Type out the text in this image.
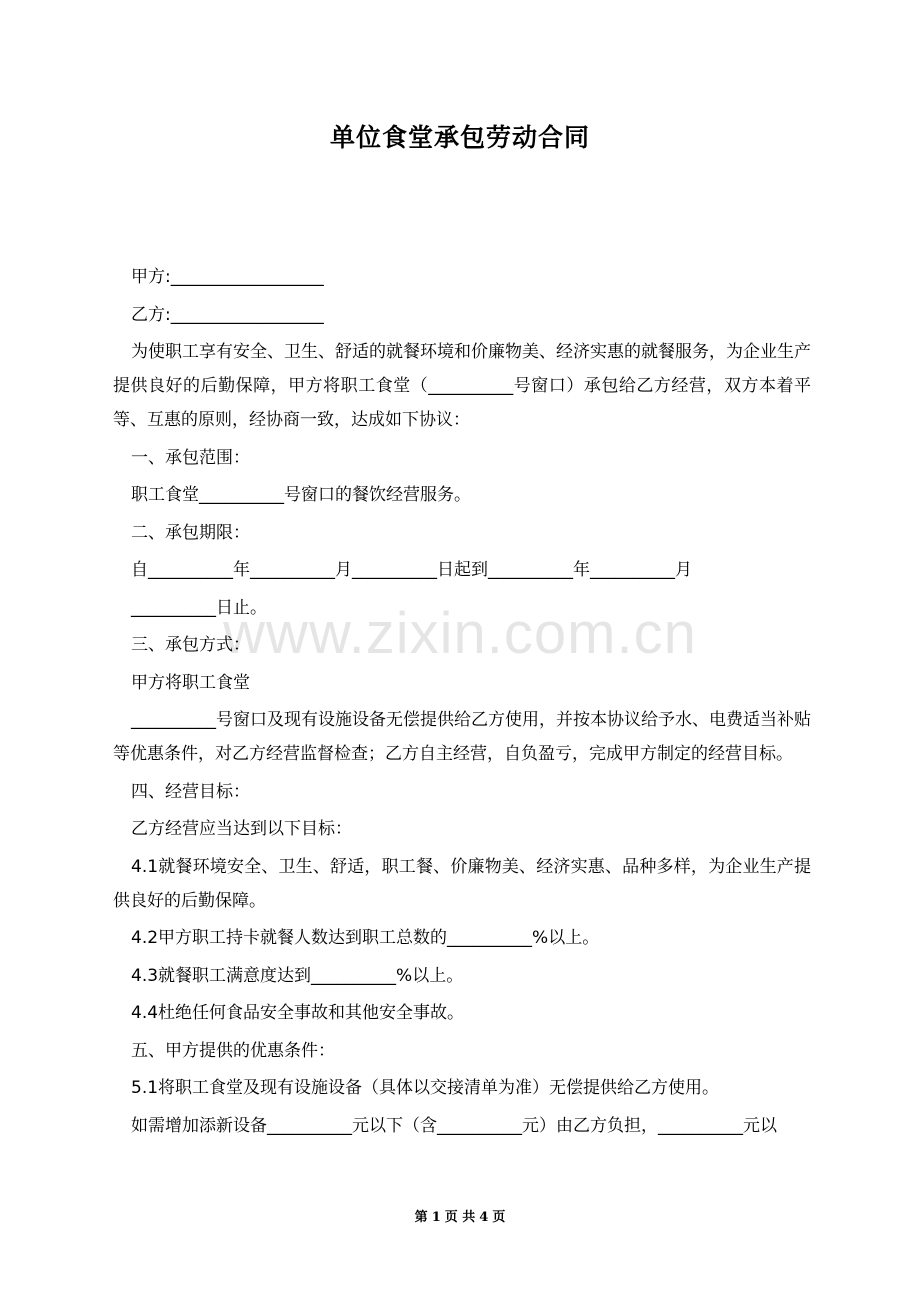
单位食堂承包劳动合同

甲方:__________________

乙方:__________________

为使职工享有安全、卫生、舒适的就餐环境和价廉物美、经济实惠的就餐服务，为企业生产提供良好的后勤保障，甲方将职工食堂（__________号窗口）承包给乙方经营，双方本着平等、互惠的原则，经协商一致，达成如下协议：

一、承包范围：

职工食堂__________号窗口的餐饮经营服务。

二、承包期限：

自__________年__________月__________日起到__________年__________月

__________日止。

三、承包方式：

甲方将职工食堂

__________号窗口及现有设施设备无偿提供给乙方使用，并按本协议给予水、电费适当补贴等优惠条件，对乙方经营监督检查；乙方自主经营，自负盈亏，完成甲方制定的经营目标。

四、经营目标：

乙方经营应当达到以下目标：

4.1就餐环境安全、卫生、舒适，职工餐、价廉物美、经济实惠、品种多样，为企业生产提供良好的后勤保障。

4.2甲方职工持卡就餐人数达到职工总数的__________%以上。

4.3就餐职工满意度达到__________%以上。

4.4杜绝任何食品安全事故和其他安全事故。

五、甲方提供的优惠条件：

5.1将职工食堂及现有设施设备（具体以交接清单为准）无偿提供给乙方使用。

如需增加添新设备__________元以下（含__________元）由乙方负担，__________元以

www.zixin.com.cn
第 1 页 共 4 页
